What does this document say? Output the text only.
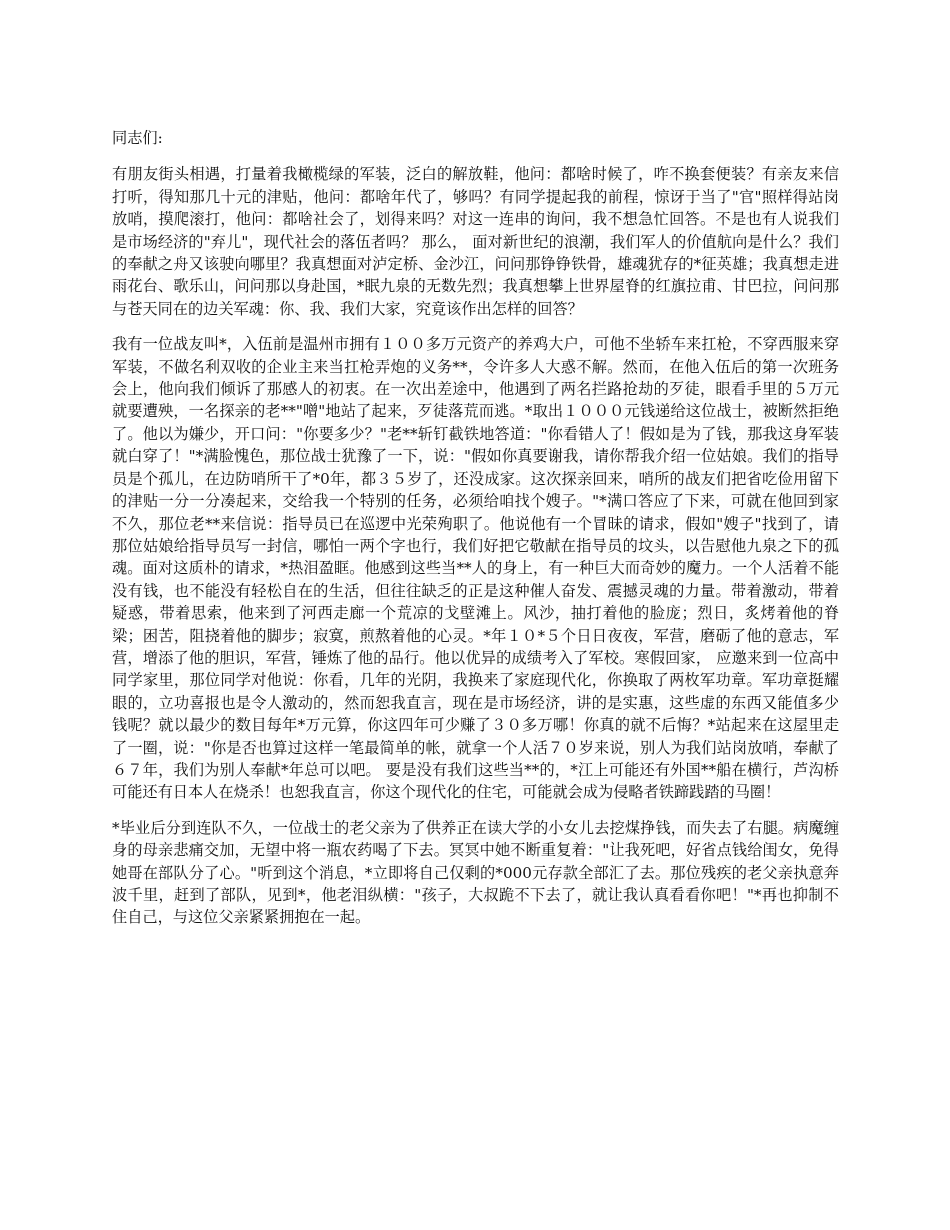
同志们:

有朋友街头相遇，打量着我橄榄绿的军装，泛白的解放鞋，他问：都啥时候了，咋不换套便装？有亲友来信打听，得知那几十元的津贴，他问：都啥年代了，够吗？有同学提起我的前程，惊讶于当了"官"照样得站岗放哨，摸爬滚打，他问：都啥社会了，划得来吗？对这一连串的询问，我不想急忙回答。不是也有人说我们是市场经济的"弃儿"，现代社会的落伍者吗？ 那么， 面对新世纪的浪潮，我们军人的价值航向是什么？我们的奉献之舟又该驶向哪里？我真想面对泸定桥、金沙江，问问那铮铮铁骨，雄魂犹存的*征英雄；我真想走进雨花台、歌乐山，问问那以身赴国，*眠九泉的无数先烈；我真想攀上世界屋脊的红旗拉甫、甘巴拉，问问那与苍天同在的边关军魂：你、我、我们大家，究竟该作出怎样的回答？

我有一位战友叫*，入伍前是温州市拥有１００多万元资产的养鸡大户，可他不坐轿车来扛枪，不穿西服来穿军装，不做名利双收的企业主来当扛枪弄炮的义务**，令许多人大惑不解。然而，在他入伍后的第一次班务会上，他向我们倾诉了那感人的初衷。在一次出差途中，他遇到了两名拦路抢劫的歹徒，眼看手里的５万元就要遭殃，一名探亲的老**"噌"地站了起来，歹徒落荒而逃。*取出１０００元钱递给这位战士，被断然拒绝了。他以为嫌少，开口问："你要多少？"老**斩钉截铁地答道："你看错人了！假如是为了钱，那我这身军装就白穿了！"*满脸愧色，那位战士犹豫了一下，说："假如你真要谢我，请你帮我介绍一位姑娘。我们的指导员是个孤儿，在边防哨所干了*0年，都３５岁了，还没成家。这次探亲回来，哨所的战友们把省吃俭用留下的津贴一分一分凑起来，交给我一个特别的任务，必须给咱找个嫂子。"*满口答应了下来，可就在他回到家不久，那位老**来信说：指导员已在巡逻中光荣殉职了。他说他有一个冒昧的请求，假如"嫂子"找到了，请那位姑娘给指导员写一封信，哪怕一两个字也行，我们好把它敬献在指导员的坟头，以告慰他九泉之下的孤魂。面对这质朴的请求，*热泪盈眶。他感到这些当**人的身上，有一种巨大而奇妙的魔力。一个人活着不能没有钱，也不能没有轻松自在的生活，但往往缺乏的正是这种催人奋发、震撼灵魂的力量。带着激动，带着疑惑，带着思索，他来到了河西走廊一个荒凉的戈壁滩上。风沙，抽打着他的脸庞；烈日，炙烤着他的脊梁；困苦，阻挠着他的脚步；寂寞，煎熬着他的心灵。*年１０*５个日日夜夜，军营，磨砺了他的意志，军营，增添了他的胆识，军营，锤炼了他的品行。他以优异的成绩考入了军校。寒假回家， 应邀来到一位高中同学家里，那位同学对他说：你看，几年的光阴，我换来了家庭现代化，你换取了两枚军功章。军功章挺耀眼的，立功喜报也是令人激动的，然而恕我直言，现在是市场经济，讲的是实惠，这些虚的东西又能值多少钱呢？就以最少的数目每年*万元算，你这四年可少赚了３０多万哪！你真的就不后悔？*站起来在这屋里走了一圈，说："你是否也算过这样一笔最简单的帐，就拿一个人活７０岁来说，别人为我们站岗放哨，奉献了６７年，我们为别人奉献*年总可以吧。 要是没有我们这些当**的，*江上可能还有外国**船在横行，芦沟桥可能还有日本人在烧杀！也恕我直言，你这个现代化的住宅，可能就会成为侵略者铁蹄践踏的马圈！

*毕业后分到连队不久，一位战士的老父亲为了供养正在读大学的小女儿去挖煤挣钱，而失去了右腿。病魔缠身的母亲悲痛交加，无望中将一瓶农药喝了下去。冥冥中她不断重复着："让我死吧，好省点钱给闺女，免得她哥在部队分了心。"听到这个消息，*立即将自己仅剩的*000元存款全部汇了去。那位残疾的老父亲执意奔波千里，赶到了部队，见到*，他老泪纵横："孩子，大叔跪不下去了，就让我认真看看你吧！"*再也抑制不住自己，与这位父亲紧紧拥抱在一起。
